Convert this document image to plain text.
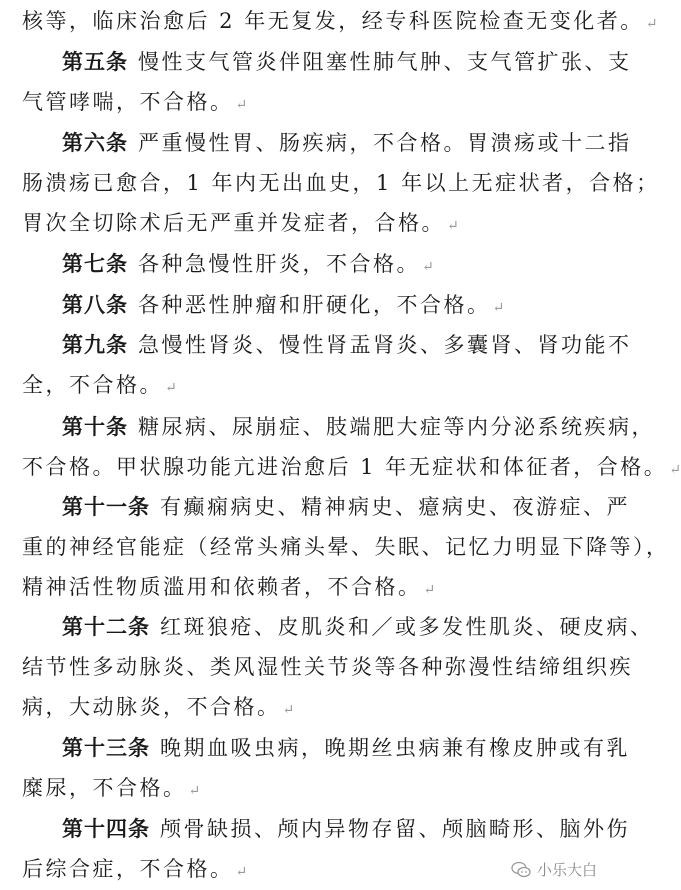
核等，临床治愈后 2 年无复发，经专科医院检查无变化者。 ↵
第五条 慢性支气管炎伴阻塞性肺气肿、支气管扩张、支
气管哮喘，不合格。 ↵
第六条 严重慢性胃、肠疾病，不合格。胃溃疡或十二指
肠溃疡已愈合，1 年内无出血史，1 年以上无症状者，合格；
胃次全切除术后无严重并发症者，合格。 ↵
第七条 各种急慢性肝炎，不合格。 ↵
第八条 各种恶性肿瘤和肝硬化，不合格。 ↵
第九条 急慢性肾炎、慢性肾盂肾炎、多囊肾、肾功能不
全，不合格。 ↵
第十条 糖尿病、尿崩症、肢端肥大症等内分泌系统疾病，
不合格。甲状腺功能亢进治愈后 1 年无症状和体征者，合格。 ↵
第十一条 有癫痫病史、精神病史、癔病史、夜游症、严
重的神经官能症（经常头痛头晕、失眠、记忆力明显下降等），
精神活性物质滥用和依赖者，不合格。 ↵
第十二条 红斑狼疮、皮肌炎和／或多发性肌炎、硬皮病、
结节性多动脉炎、类风湿性关节炎等各种弥漫性结缔组织疾
病，大动脉炎，不合格。 ↵
第十三条 晚期血吸虫病，晚期丝虫病兼有橡皮肿或有乳
糜尿，不合格。 ↵
第十四条 颅骨缺损、颅内异物存留、颅脑畸形、脑外伤
后综合症，不合格。 ↵	小乐大白
